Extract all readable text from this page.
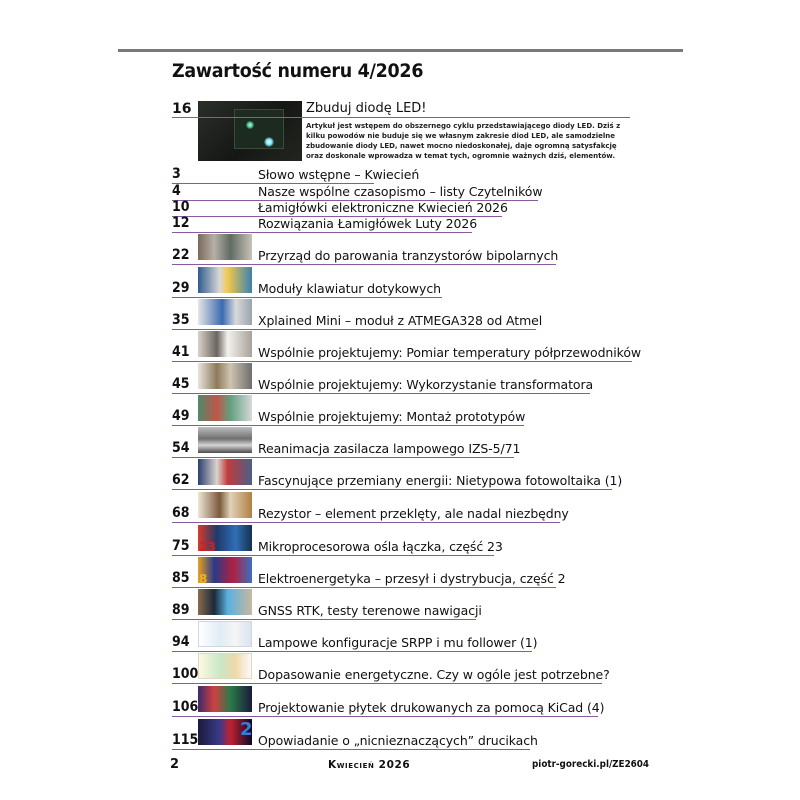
Zawartość numeru 4/2026
16	Zbuduj diodę LED!
Artykuł jest wstępem do obszernego cyklu przedstawiającego diody LED. Dziś z kilku powodów nie buduje się we własnym zakresie diod LED, ale samodzielne zbudowanie diody LED, nawet mocno niedoskonałej, daje ogromną satysfakcję oraz doskonale wprowadza w temat tych, ogromnie ważnych dziś, elementów.
3	Słowo wstępne – Kwiecień
4	Nasze wspólne czasopismo – listy Czytelników
10	Łamigłówki elektroniczne Kwiecień 2026
12	Rozwiązania Łamigłówek Luty 2026
22	Przyrząd do parowania tranzystorów bipolarnych
29	Moduły klawiatur dotykowych
35	Xplained Mini – moduł z ATMEGA328 od Atmel
41	Wspólnie projektujemy: Pomiar temperatury półprzewodników
45	Wspólnie projektujemy: Wykorzystanie transformatora
49	Wspólnie projektujemy: Montaż prototypów
54	Reanimacja zasilacza lampowego IZS-5/71
62	Fascynujące przemiany energii: Nietypowa fotowoltaika (1)
68	Rezystor – element przeklęty, ale nadal niezbędny
23
75	Mikroprocesorowa ośla łączka, część 23
8
85	Elektroenergetyka – przesył i dystrybucja, część 2
89	GNSS RTK, testy terenowe nawigacji
94	Lampowe konfiguracje SRPP i mu follower (1)
100	Dopasowanie energetyczne. Czy w ogóle jest potrzebne?
106	Projektowanie płytek drukowanych za pomocą KiCad (4)
2
115	Opowiadanie o „nicnieznaczących” drucikach
2	Kwiecień 2026	piotr-gorecki.pl/ZE2604
